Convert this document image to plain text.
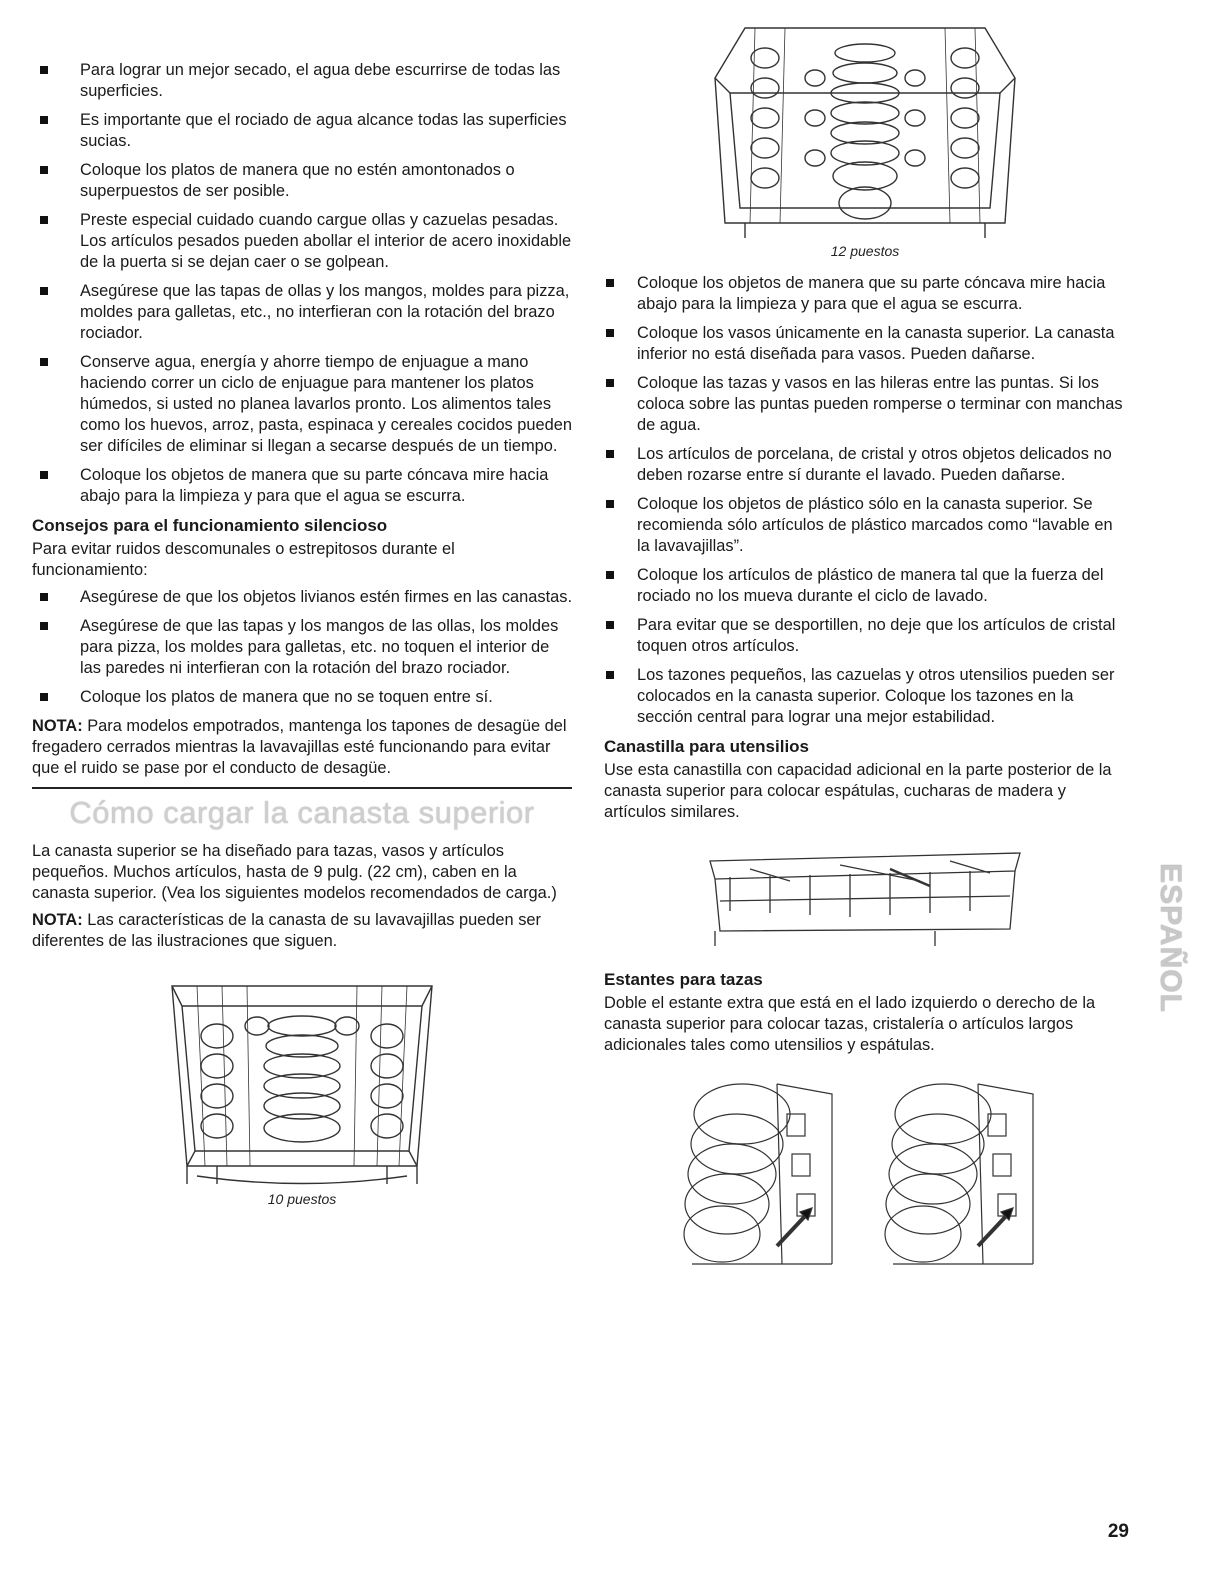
Para lograr un mejor secado, el agua debe escurrirse de todas las superficies.
Es importante que el rociado de agua alcance todas las superficies sucias.
Coloque los platos de manera que no estén amontonados o superpuestos de ser posible.
Preste especial cuidado cuando cargue ollas y cazuelas pesadas. Los artículos pesados pueden abollar el interior de acero inoxidable de la puerta si se dejan caer o se golpean.
Asegúrese que las tapas de ollas y los mangos, moldes para pizza, moldes para galletas, etc., no interfieran con la rotación del brazo rociador.
Conserve agua, energía y ahorre tiempo de enjuague a mano haciendo correr un ciclo de enjuague para mantener los platos húmedos, si usted no planea lavarlos pronto. Los alimentos tales como los huevos, arroz, pasta, espinaca y cereales cocidos pueden ser difíciles de eliminar si llegan a secarse después de un tiempo.
Coloque los objetos de manera que su parte cóncava mire hacia abajo para la limpieza y para que el agua se escurra.
Consejos para el funcionamiento silencioso

Para evitar ruidos descomunales o estrepitosos durante el funcionamiento:

Asegúrese de que los objetos livianos estén firmes en las canastas.
Asegúrese de que las tapas y los mangos de las ollas, los moldes para pizza, los moldes para galletas, etc. no toquen el interior de las paredes ni interfieran con la rotación del brazo rociador.
Coloque los platos de manera que no se toquen entre sí.

NOTA: Para modelos empotrados, mantenga los tapones de desagüe del fregadero cerrados mientras la lavavajillas esté funcionando para evitar que el ruido se pase por el conducto de desagüe.

Cómo cargar la canasta superior

La canasta superior se ha diseñado para tazas, vasos y artículos pequeños. Muchos artículos, hasta de 9 pulg. (22 cm), caben en la canasta superior. (Vea los siguientes modelos recomendados de carga.)

NOTA: Las características de la canasta de su lavavajillas pueden ser diferentes de las ilustraciones que siguen.

10 puestos
12 puestos
Coloque los objetos de manera que su parte cóncava mire hacia abajo para la limpieza y para que el agua se escurra.
Coloque los vasos únicamente en la canasta superior. La canasta inferior no está diseñada para vasos. Pueden dañarse.
Coloque las tazas y vasos en las hileras entre las puntas. Si los coloca sobre las puntas pueden romperse o terminar con manchas de agua.
Los artículos de porcelana, de cristal y otros objetos delicados no deben rozarse entre sí durante el lavado. Pueden dañarse.
Coloque los objetos de plástico sólo en la canasta superior. Se recomienda sólo artículos de plástico marcados como “lavable en la lavavajillas”.
Coloque los artículos de plástico de manera tal que la fuerza del rociado no los mueva durante el ciclo de lavado.
Para evitar que se desportillen, no deje que los artículos de cristal toquen otros artículos.
Los tazones pequeños, las cazuelas y otros utensilios pueden ser colocados en la canasta superior. Coloque los tazones en la sección central para lograr una mejor estabilidad.
Canastilla para utensilios

Use esta canastilla con capacidad adicional en la parte posterior de la canasta superior para colocar espátulas, cucharas de madera y artículos similares.

Estantes para tazas

Doble el estante extra que está en el lado izquierdo o derecho de la canasta superior para colocar tazas, cristalería o artículos largos adicionales tales como utensilios y espátulas.

ESPAÑOL
29
